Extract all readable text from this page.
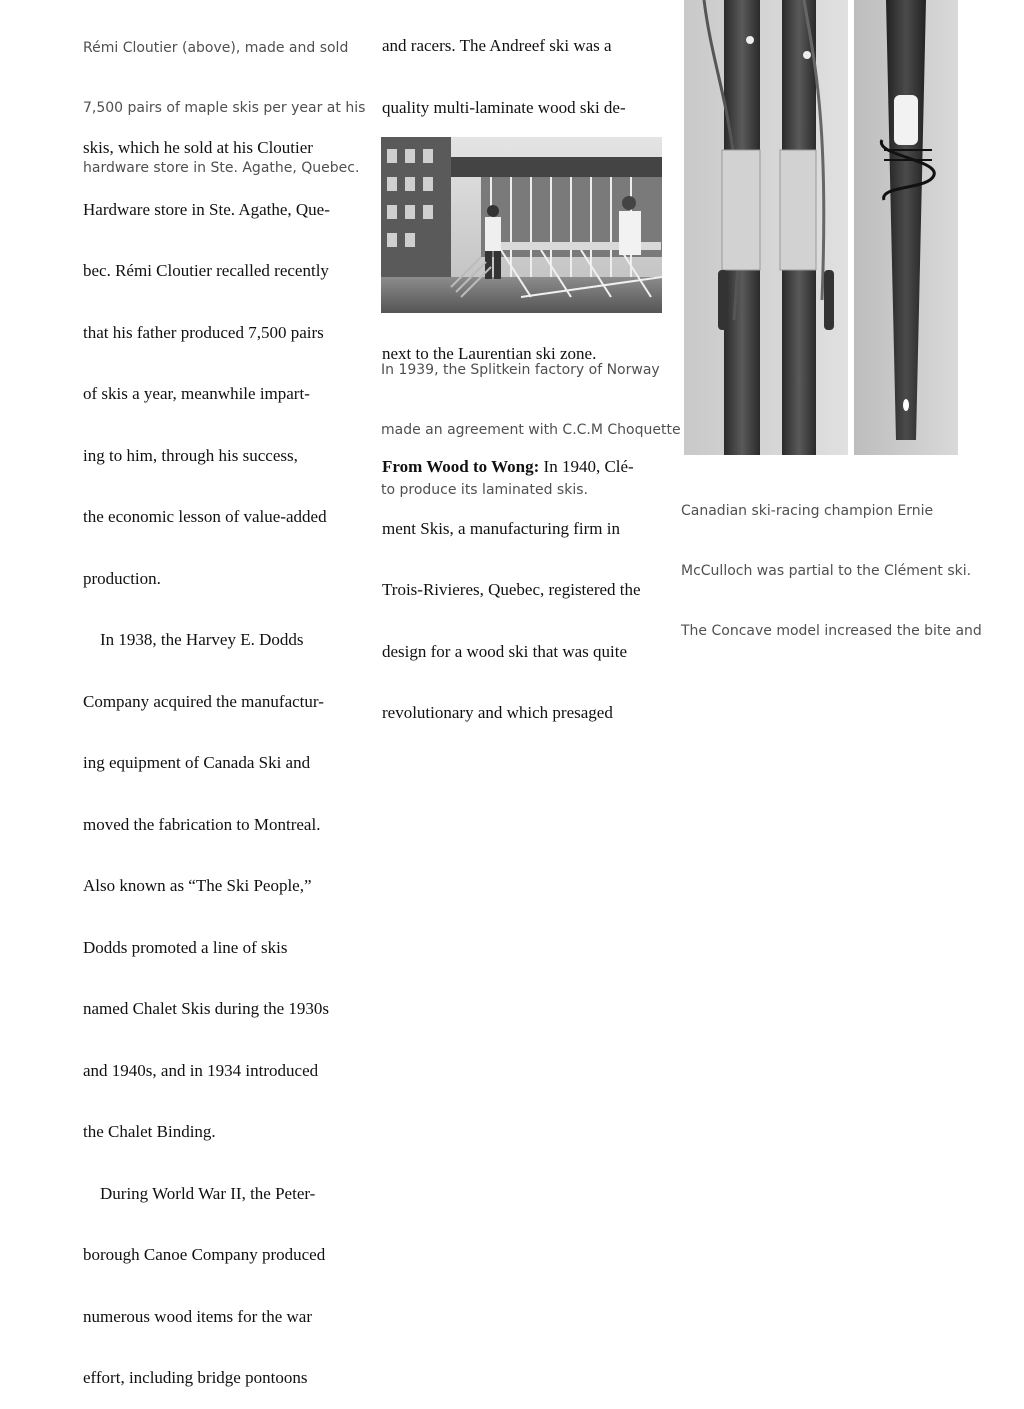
Rémi Cloutier (above), made and sold

7,500 pairs of maple skis per year at his

hardware store in Ste. Agathe, Quebec.

skis, which he sold at his Cloutier

Hardware store in Ste. Agathe, Que-

bec. Rémi Cloutier recalled recently

that his father produced 7,500 pairs

of skis a year, meanwhile impart-

ing to him, through his success,

the economic lesson of value-added

production.

In 1938, the Harvey E. Dodds

Company acquired the manufactur-

ing equipment of Canada Ski and

moved the fabrication to Montreal.

Also known as “The Ski People,”

Dodds promoted a line of skis

named Chalet Skis during the 1930s

and 1940s, and in 1934 introduced

the Chalet Binding.

During World War II, the Peter-

borough Canoe Company produced

numerous wood items for the war

effort, including bridge pontoons

and racers. The Andreef ski was a

quality multi-laminate wood ski de-

next to the Laurentian ski zone.

In 1939, the Splitkein factory of Norway

made an agreement with C.C.M Choquette

to produce its laminated skis.

From Wood to Wong: In 1940, Clé-

ment Skis, a manufacturing firm in

Trois-Rivieres, Quebec, registered the

design for a wood ski that was quite

revolutionary and which presaged

Canadian ski-racing champion Ernie

McCulloch was partial to the Clément ski.

The Concave model increased the bite and
